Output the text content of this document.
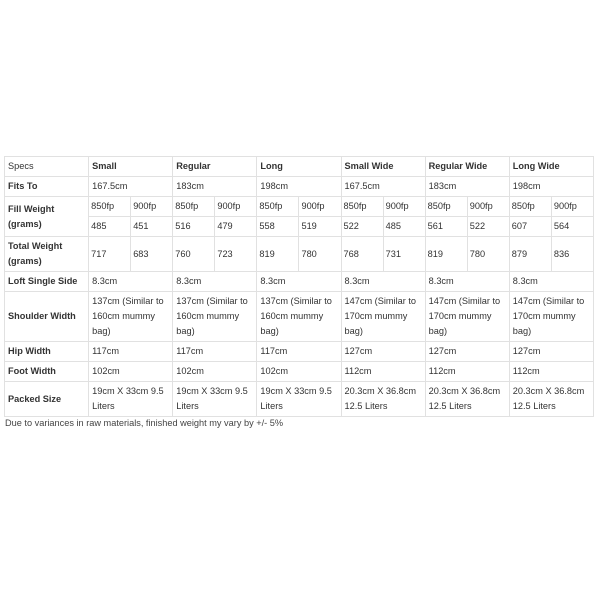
Specs	Small		Regular		Long		Small Wide		Regular Wide		Long Wide	
Fits To	167.5cm		183cm		198cm		167.5cm		183cm		198cm	
Fill Weight
(grams)	850fp	900fp	850fp	900fp	850fp	900fp	850fp	900fp	850fp	900fp	850fp	900fp
	485	451	516	479	558	519	522	485	561	522	607	564
Total Weight
(grams)	717	683	760	723	819	780	768	731	819	780	879	836
Loft Single Side	8.3cm		8.3cm		8.3cm		8.3cm		8.3cm		8.3cm	
Shoulder Width	137cm (Similar to 160cm mummy bag)		137cm (Similar to 160cm mummy bag)		137cm (Similar to 160cm mummy bag)		147cm (Similar to 170cm mummy bag)		147cm (Similar to 170cm mummy bag)		147cm (Similar to 170cm mummy bag)	
Hip Width	117cm		117cm		117cm		127cm		127cm		127cm	
Foot Width	102cm		102cm		102cm		112cm		112cm		112cm	
Packed Size	19cm X 33cm 9.5 Liters		19cm X 33cm 9.5 Liters		19cm X 33cm 9.5 Liters		20.3cm X 36.8cm 12.5 Liters		20.3cm X 36.8cm 12.5 Liters		20.3cm X 36.8cm 12.5 Liters	

Due to variances in raw materials, finished weight my vary by +/- 5%
